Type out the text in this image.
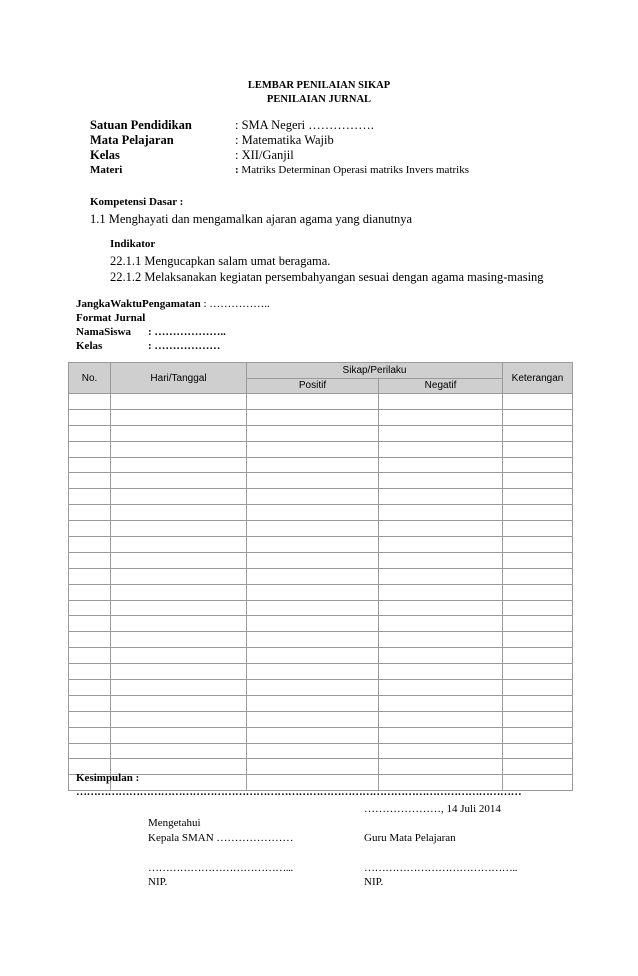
LEMBAR PENILAIAN SIKAP
PENILAIAN JURNAL
Satuan Pendidikan	: SMA Negeri …………….
Mata Pelajaran	: Matematika Wajib
Kelas	: XII/Ganjil
Materi	: Matriks Determinan Operasi matriks Invers matriks
Kompetensi Dasar :
1.1 Menghayati dan mengamalkan ajaran agama yang dianutnya
Indikator
22.1.1 Mengucapkan salam umat beragama.
22.1.2 Melaksanakan kegiatan persembahyangan sesuai dengan agama masing-masing
JangkaWaktuPengamatan : ……………..
Format Jurnal
NamaSiswa : ………………..
Kelas	: ………………
No.	Hari/Tanggal	Sikap/Perilaku		Keterangan
		Positif	Negatif	

Kesimpulan :
………………………………………………………………………………………………………………
…………………, 14 Juli 2014
Mengetahui
Kepala SMAN …………………	Guru Mata Pelajaran
…………………………………...	……………………………………..
NIP.	NIP.
